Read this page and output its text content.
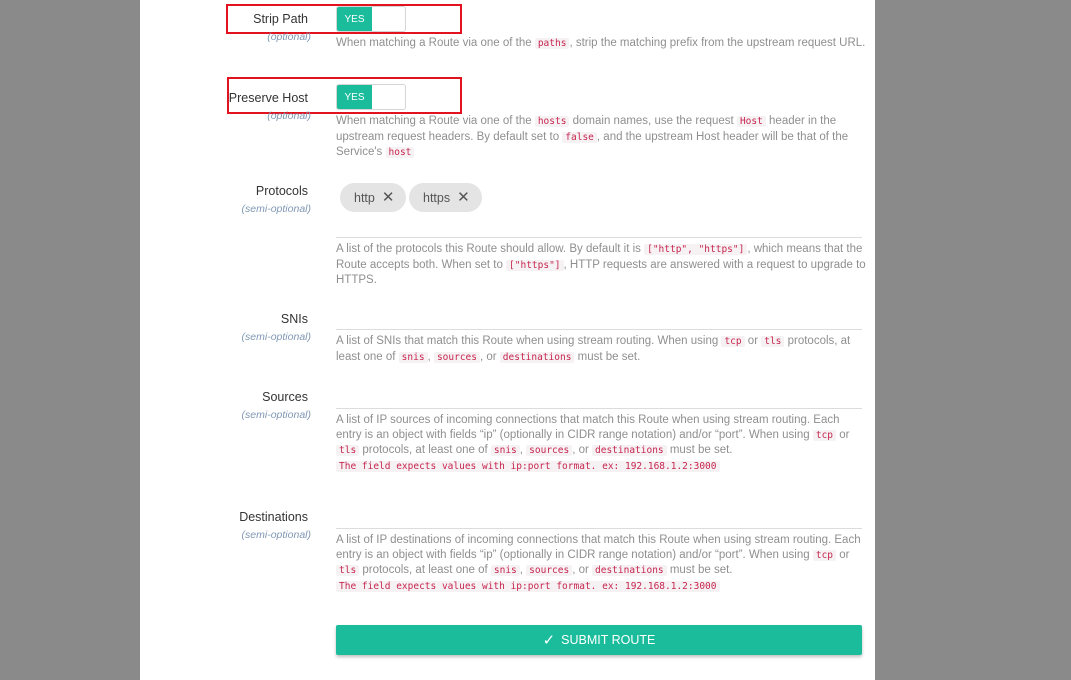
Strip Path
(optional)
YES
When matching a Route via one of the paths , strip the matching prefix from the upstream request URL.
Preserve Host
(optional)
YES
When matching a Route via one of the hosts domain names, use the request Host header in the upstream request headers. By default set to false , and the upstream Host header will be that of the Service's host
Protocols
(semi-optional)
http ✕ https ✕
A list of the protocols this Route should allow. By default it is ["http", "https"] , which means that the Route accepts both. When set to ["https"] , HTTP requests are answered with a request to upgrade to HTTPS.
SNIs
(semi-optional) A list of SNIs that match this Route when using stream routing. When using tcp or tls protocols, at least one of snis , sources , or destinations must be set.
Sources
(semi-optional) A list of IP sources of incoming connections that match this Route when using stream routing. Each entry is an object with fields “ip” (optionally in CIDR range notation) and/or “port”. When using tcp or tls protocols, at least one of snis , sources , or destinations must be set.
The field expects values with ip:port format. ex: 192.168.1.2:3000
Destinations
(semi-optional) A list of IP destinations of incoming connections that match this Route when using stream routing. Each entry is an object with fields “ip” (optionally in CIDR range notation) and/or “port”. When using tcp or tls protocols, at least one of snis , sources , or destinations must be set.
The field expects values with ip:port format. ex: 192.168.1.2:3000
✓ SUBMIT ROUTE
